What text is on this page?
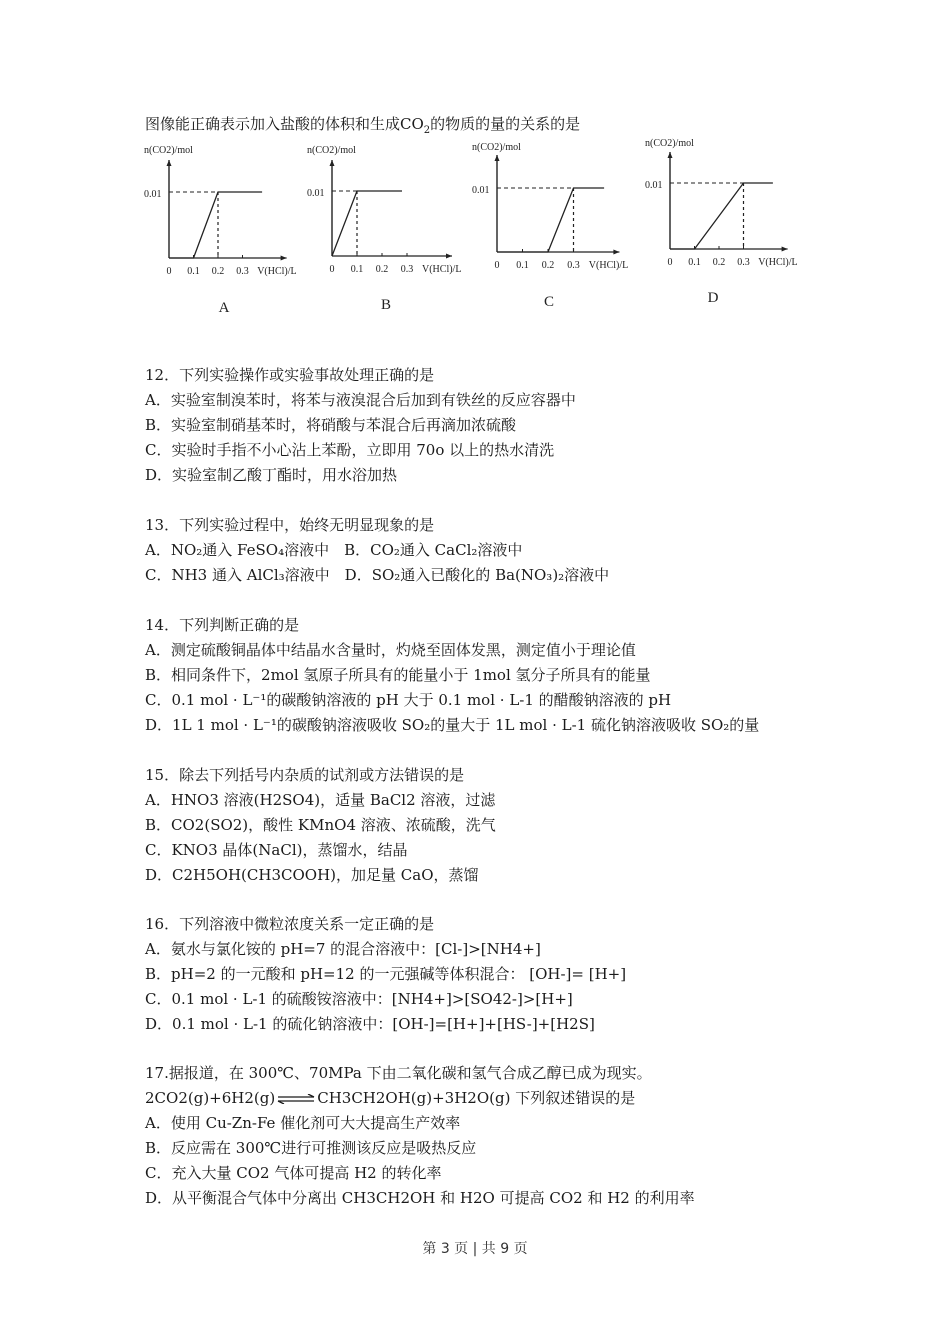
图像能正确表示加入盐酸的体积和生成$CO_2$的物质的量的关系的是
n(CO2)/mol
0.01
0 0.1 0.2 0.3 V(HCl)/L
A
n(CO2)/mol
0.01
0 0.1 0.2 0.3 V(HCl)/L
B
n(CO2)/mol
0.01
0 0.1 0.2 0.3 V(HCl)/L
C
n(CO2)/mol
0.01
0 0.1 0.2 0.3 V(HCl)/L
D
12．下列实验操作或实验事故处理正确的是
A．实验室制溴苯时，将苯与液溴混合后加到有铁丝的反应容器中
B．实验室制硝基苯时，将硝酸与苯混合后再滴加浓硫酸
C．实验时手指不小心沾上苯酚，立即用 70o 以上的热水清洗
D．实验室制乙酸丁酯时，用水浴加热
13．下列实验过程中，始终无明显现象的是
A．NO₂通入 FeSO₄溶液中　B．CO₂通入 CaCl₂溶液中
C．NH3 通入 AlCl₃溶液中　D．SO₂通入已酸化的 Ba(NO₃)₂溶液中
14．下列判断正确的是
A．测定硫酸铜晶体中结晶水含量时，灼烧至固体发黑，测定值小于理论值
B．相同条件下，2mol 氢原子所具有的能量小于 1mol 氢分子所具有的能量
C．0.1 mol · L⁻¹的碳酸钠溶液的 pH 大于 0.1 mol · L-1 的醋酸钠溶液的 pH
D．1L 1 mol · L⁻¹的碳酸钠溶液吸收 SO₂的量大于 1L mol · L-1 硫化钠溶液吸收 SO₂的量
15．除去下列括号内杂质的试剂或方法错误的是
A．HNO3 溶液(H2SO4)，适量 BaCl2 溶液，过滤
B．CO2(SO2)，酸性 KMnO4 溶液、浓硫酸，洗气
C．KNO3 晶体(NaCl)，蒸馏水，结晶
D．C2H5OH(CH3COOH)，加足量 CaO，蒸馏
16．下列溶液中微粒浓度关系一定正确的是
A．氨水与氯化铵的 pH=7 的混合溶液中：[Cl-]>[NH4+]
B．pH=2 的一元酸和 pH=12 的一元强碱等体积混合： [OH-]= [H+]
C．0.1 mol · L-1 的硫酸铵溶液中：[NH4+]>[SO42-]>[H+]
D．0.1 mol · L-1 的硫化钠溶液中：[OH-]=[H+]+[HS-]+[H2S]
17.据报道，在 300℃、70MPa 下由二氧化碳和氢气合成乙醇已成为现实。
2CO2(g)+6H2(g) ⇌ CH3CH2OH(g)+3H2O(g) 下列叙述错误的是
A．使用 Cu-Zn-Fe 催化剂可大大提高生产效率
B．反应需在 300℃进行可推测该反应是吸热反应
C．充入大量 CO2 气体可提高 H2 的转化率
D．从平衡混合气体中分离出 CH3CH2OH 和 H2O 可提高 CO2 和 H2 的利用率
第 3 页 | 共 9 页
